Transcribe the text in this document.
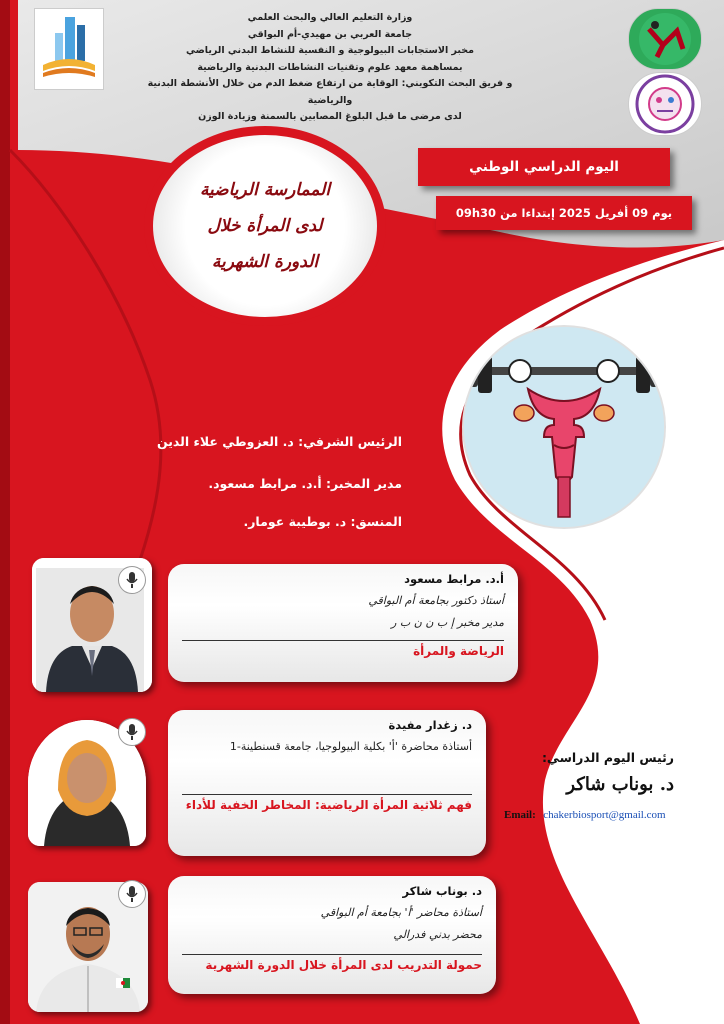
وزارة التعليم العالي والبحث العلمي
جامعة العربي بن مهيدي-أم البواقي
مخبر الاستجابات البيولوجية و النفسية للنشاط البدني الرياضي
بمساهمة معهد علوم وتقنيات النشاطات البدنية والرياضية
و فريق البحث التكويني: الوقاية من ارتفاع ضغط الدم من خلال الأنشطة البدنية والرياضية
لدى مرضى ما قبل البلوغ المصابين بالسمنة وزيادة الوزن
اليوم الدراسي الوطني
يوم 09 أفريل 2025 إبتداءا من 09h30
الممارسة الرياضية
لدى المرأة خلال
الدورة الشهرية
الرئيس الشرفي: د. العزوطي علاء الدين
مدير المخبر: أ.د. مرابط مسعود.
المنسق: د. بوطيبة عومار.
أ.د. مرابط مسعود
أستاذ دكتور بجامعة أم البواقي
مدير مخبر إ ب ن ن ب ر
الرياضة والمرأة
د. زغدار مفيدة
أستاذة محاضرة 'أ' بكلية البيولوجيا، جامعة قسنطينة-1
فهم ثلاثية المرأة الرياضية: المخاطر الخفية للأداء
د. بوناب شاكر
أستاذة محاضر 'أ' بجامعة أم البواقي
محضر بدني فدرالي
حمولة التدريب لدى المرأة خلال الدورة الشهرية
رئيس اليوم الدراسي:
د. بوناب شاكر
Email: chakerbiosport@gmail.com
